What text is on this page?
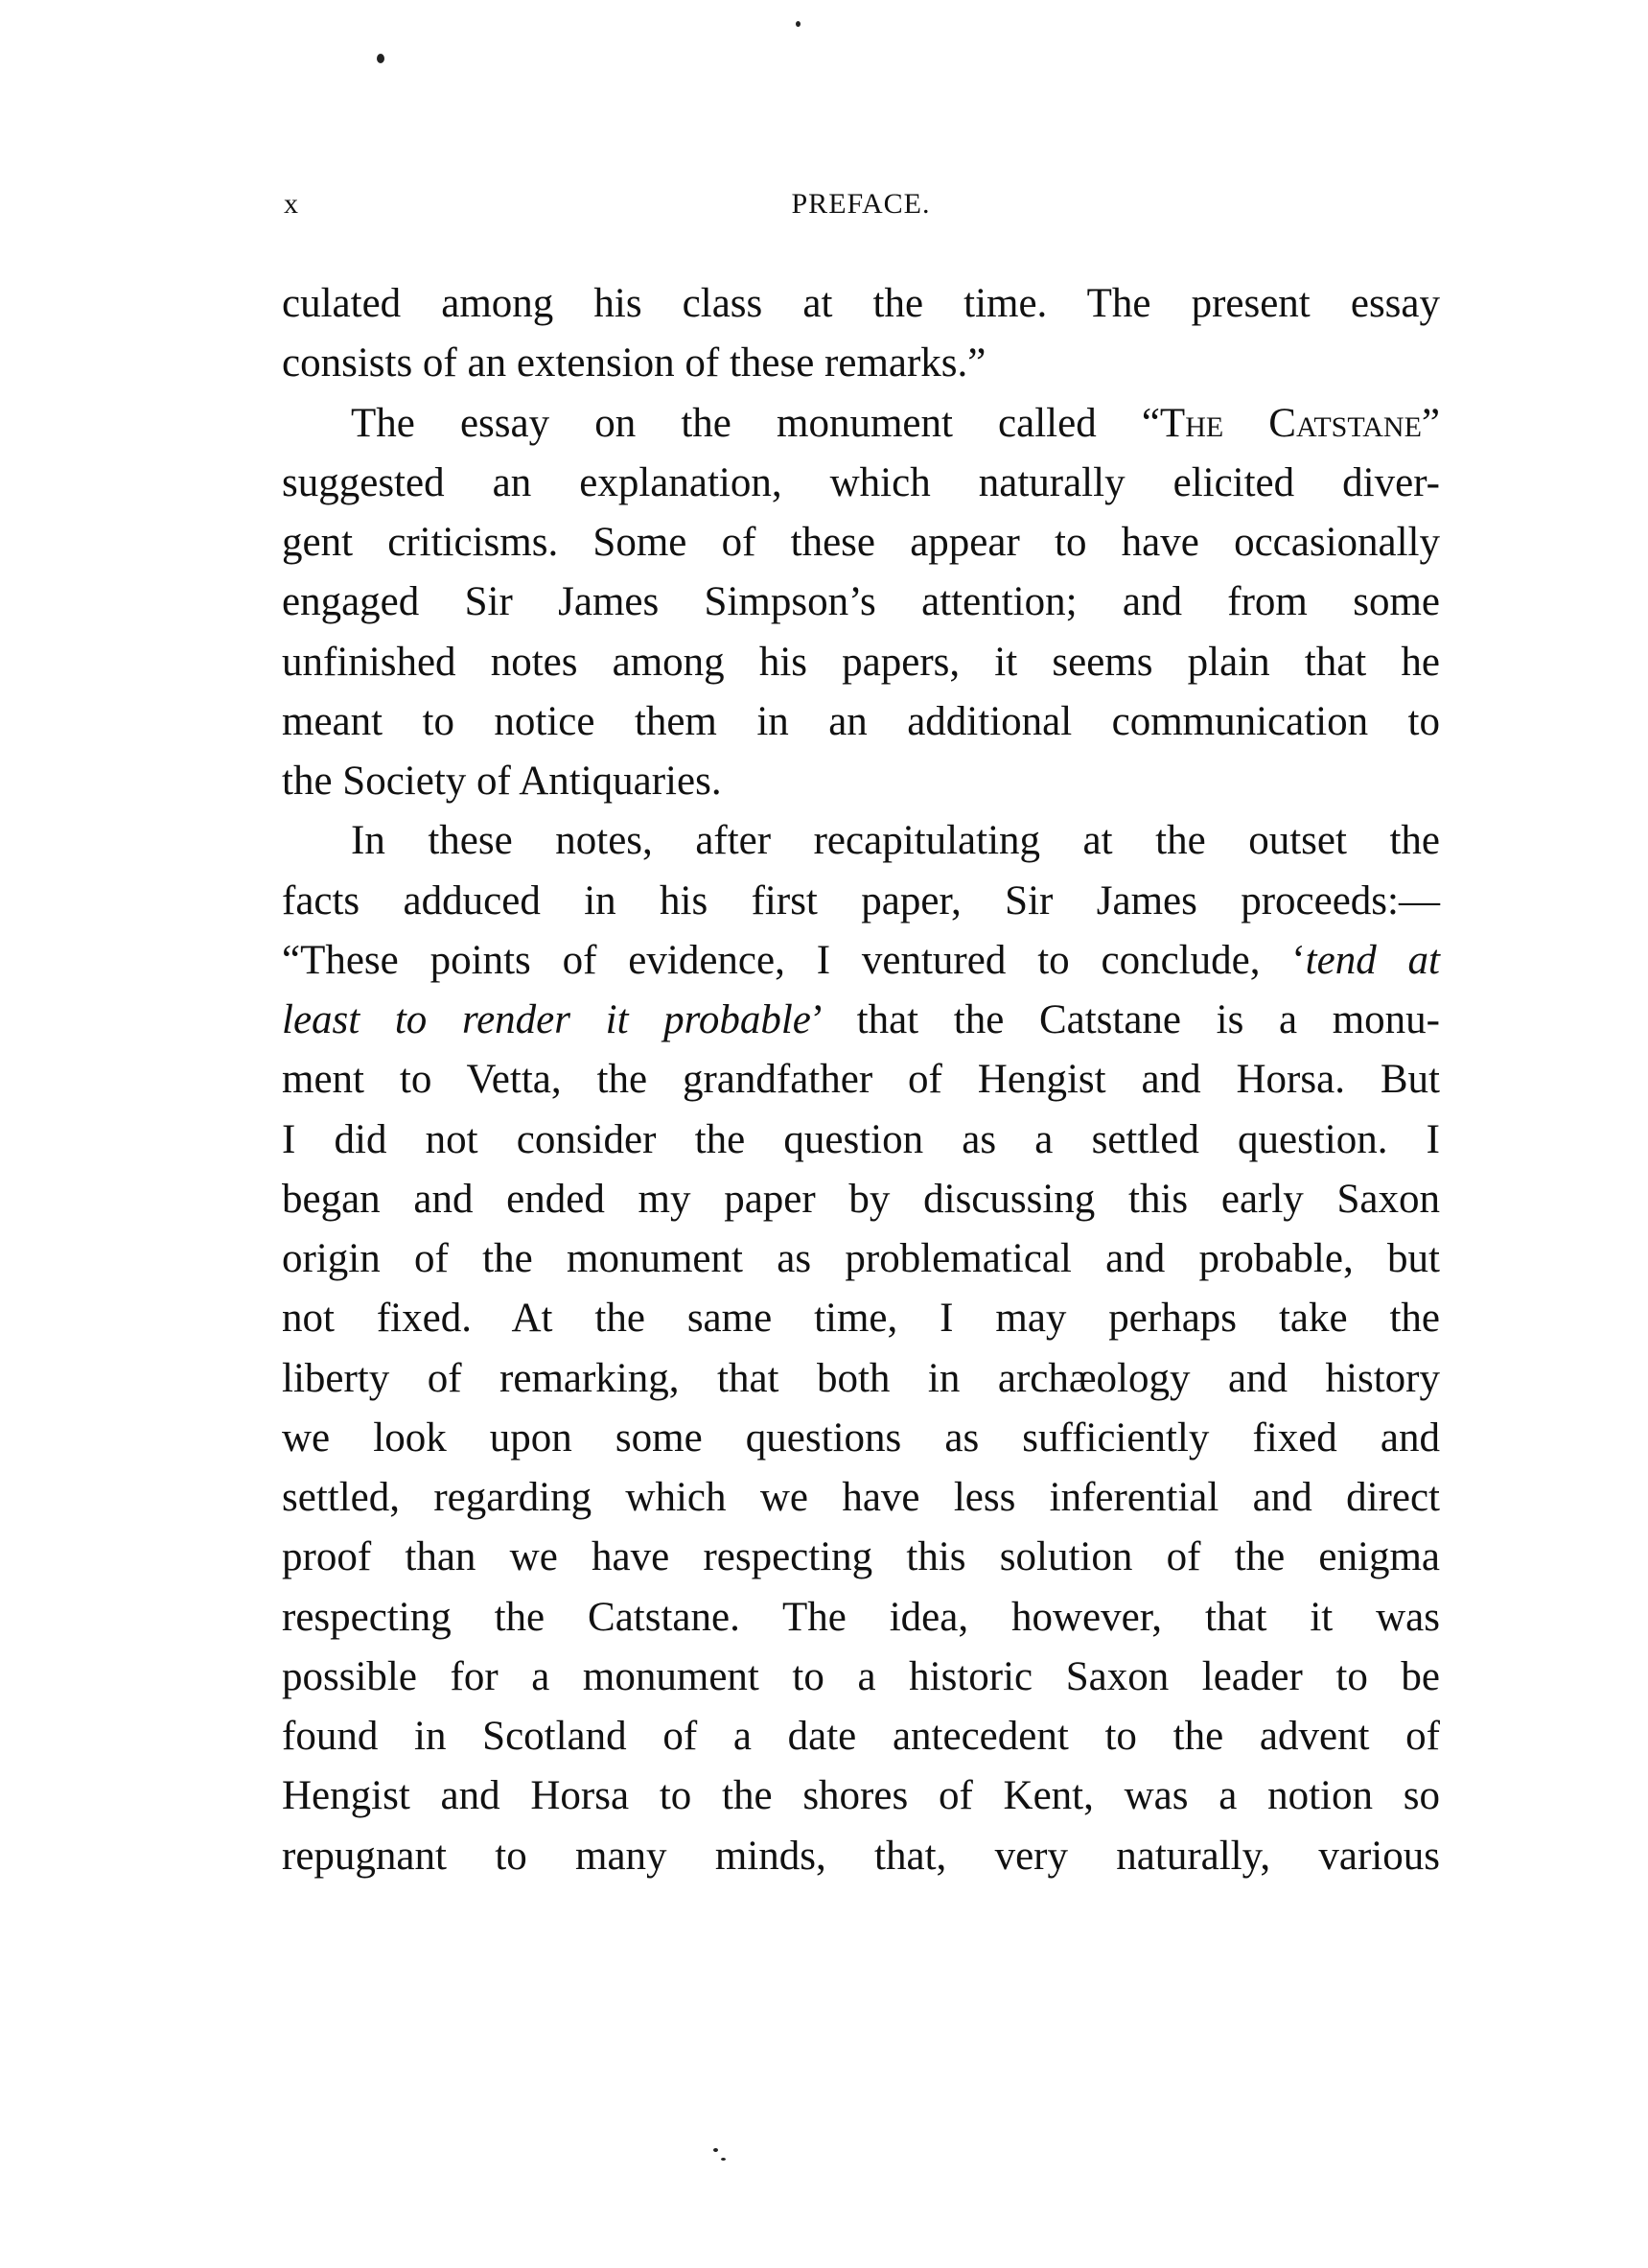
x	PREFACE.
culated among his class at the time. The present essay
consists of an extension of these remarks.”
The essay on the monument called “The Catstane”
suggested an explanation, which naturally elicited diver-
gent criticisms. Some of these appear to have occasionally
engaged Sir James Simpson’s attention; and from some
unfinished notes among his papers, it seems plain that he
meant to notice them in an additional communication to
the Society of Antiquaries.
In these notes, after recapitulating at the outset the
facts adduced in his first paper, Sir James proceeds:—
“These points of evidence, I ventured to conclude, ‘tend at
least to render it probable’ that the Catstane is a monu-
ment to Vetta, the grandfather of Hengist and Horsa. But
I did not consider the question as a settled question. I
began and ended my paper by discussing this early Saxon
origin of the monument as problematical and probable, but
not fixed. At the same time, I may perhaps take the
liberty of remarking, that both in archæology and history
we look upon some questions as sufficiently fixed and
settled, regarding which we have less inferential and direct
proof than we have respecting this solution of the enigma
respecting the Catstane. The idea, however, that it was
possible for a monument to a historic Saxon leader to be
found in Scotland of a date antecedent to the advent of
Hengist and Horsa to the shores of Kent, was a notion so
repugnant to many minds, that, very naturally, various
